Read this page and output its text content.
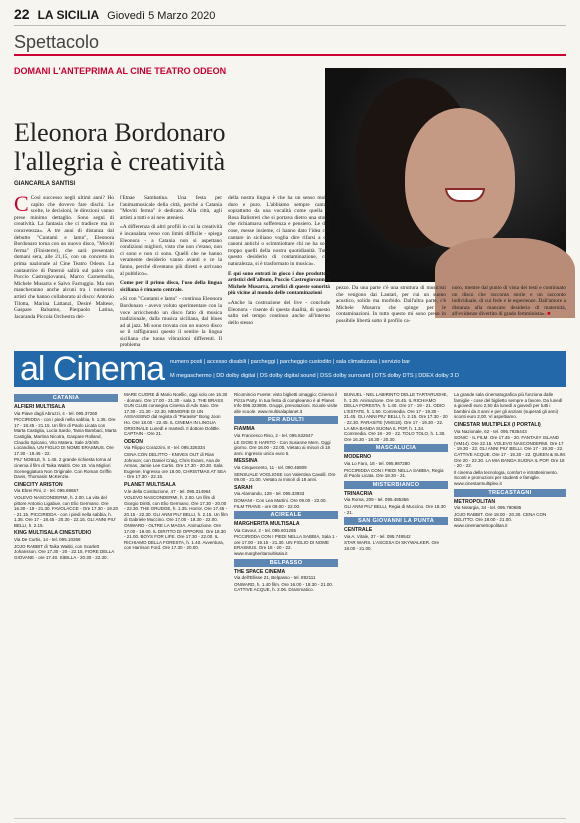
22 LA SICILIA Giovedì 5 Marzo 2020
Spettacolo
DOMANI L'ANTEPRIMA AL CINE TEATRO ODEON
Eleonora Bordonaro
l'allegria è creatività
GIANCARLA SANTISI

C Così successo negli ultimi anni? Ho capito che dovevo fare dischi. Le scelte, le decisioni, le direzioni vanno prese minimo dettaglio. Sono segni di creatività. La fantasia che ci tradisce ma in concretezza». A tre anni di distanza dal debutto "Cuntami e lamu", Eleonora Bordonaro torna con un nuovo disco, "Moviti ferma" (Finisterre), che sarà presentato domani sera, alle 21,15, con un concerto in prima nazionale al Cine Teatro Odeon. La cantautrice di Paternò salirà sul palco con Puccio Castrogiovanni, Marco Carnemolla, Michele Musarra e Salvo Farruggio. Ma non mancheranno anche alcuni tra i numerosi artisti che hanno collaborato al disco: Antonio Tilotta, Marina Lattanzi, Desiré Maltese, Gaspare Balsamo, Pierpaolo Latina, Jacaranda Piccola Orchestra del-

l'Etnae Sambatina. Una festa per l'animamusicale della città, perché a Catania "Moviti ferma" è dedicato. Alla città, agli artisti a tutti e ai new ateniesi.

«A differenza di altri profili in cui la creatività è incanalata verso con limiti difficile - spiega Eleonora - a Catania non si aspettano condizioni migliori, visto che non c'erano, non ci sono e non ci sono. Quelli che ne hanno veramente desiderio vanno avanti e ce la fanno, perché diventano più diretti e arrivano al pubblico».

Come per il primo disco, l'uso della lingua siciliana è rimasto centrale.

«Si con "Cuntami e lamu" - continua Eleonora Bordonaro - avevo voluto sperimentare con la voce arricchendo un disco fatto di musica tradizionale, dalla musica siciliana, dal blues ad al jazz. Mi sono trovata con un nuovo disco se il raffigurassi questo il sentire la lingua siciliana che tuona vibrazioni differenti. Il problema

della nostra lingua è che ha un senso molto duro e puro. L'abbiamo sempre cantata soprattutto da una vocalità come quella di Rosa Balistreri che si portava dietro una storia che richiamava sofferenza e pensiero. Le due cose, messe insieme, ci hanno dato l'idea che cantare in siciliano voglia dire rifarsi a dei canoni antichi o scimmiottare chi ne ha sono troppo quelli della nostra quotidianità. Tutto questo desiderio di contaminazione, con naturalezza, si è trasformato in musica».

E qui sono entrati in gioco i due produttori artistici dell'album, Puccio Castrogiovanni e Michele Musarra, artefici di queste sonorità più vicine al mondo delle contaminazioni

«Anche la costruzione del live - conclude Eleonora - risente di questa dualità, di questo salto nel tempo continuo anche all'interno dello stesso

pezzo. Da una parte c'è una struttura di musicisti che vengono dai Lautari, per cui un suono acustico, solido ma morbido. Dall'altra parte, c'è Michele Musarra che spinge per le contaminazioni. In tutto questo mi sono preso in possibile libertà sotto il profilo ca-

noro, mentre dal punto di vista dei testi e continuato un disco che racconta storie e un racconto individuale, di cui fede e le esperienze. Dall'amore a distanza alla mancato desiderio di maternità, all'evidenze divertito di grado femminista». ■

al Cinema numero posti | accesso disabili | parcheggi | parcheggio custodito | sala climatizzata | servizio bar
M megaschermo | DD dolby digital | DS dolby digital sound | DSS dolby surround | DTS dolby DTS | DDEX dolby 3 D
CATANIA
ALFIERI MULTISALA

Via Piave dagli Abruzzi, 4 - tel. 095.37260

PICCIRIDDA - con i piedi nella sabbia, h. 1.35. Ore 17 - 18.45 - 21.15. Un film di Paolo Licata con Marta Castiglia, Lucia Sardo, Tania Bambaci, Marta Castiglia, Martina Nicotra, Gaspare Rolland, Claudio Spicano, Vito Matera. Sale 2/3/4/5 Locandina, UN FIGLIO DI NOME ERASMUS. Ore 17.30 - 19.45 - 22.

PIU' NOBILE, h. 1.45. 2 grande richiesta torna al cinema il film di Taika Waititi. Ore 18. Via Migliori Sceneggiatura Non Originale. Con Roman Griffin Davis, Thomasin McKenzie.

CINECITY ARISTON

Via Ebrei Pini, 2 - tel. 095.69657

VOLEVO NASCONDERMI, h. 2.00. La vita del pittore Antonio Ligabue, con Elio Germano. Ore 16.30 - 19 - 21.30. FAVOLACCE - Ore 17.30 - 19.20 - 21.15. PICCIRIDDA - con i piedi nella sabbia, h. 1.35. Ore 17 - 18.45 - 20.30 - 22.15. GLI ANNI PIU' BELLI, h. 2.15.

KING MULTISALA CINESTUDIO

Via De Curtis, 14 - tel. 095.10268

JOJO RABBIT di Taika Waititi, con Scarlett Johansson. Ore 17.30 - 20 - 22.15. FIORE DELLA GIOVANE - ore 17.40. SIBILLA - 20.30 - 22.30.

MARE CUORE di Mario Noellic, oggi solo ore 16.30 - domani. Ore 17.00 - 21.30 - sala 2. THE BRASS GUN CLUB consegna Cinema di Adv Saio. Ore 17.30 - 21.30 - 22.30. MEMORIE DI UN ASSASSINO dal regista di "Parasite" Bong Joon Ho. Ore 18.00 - 22.45. IL CINEMA IN LINGUA ORIGINALE Lunedì e martedì. Il dottore Dolittle. CAPTAIN - Ore 21.

ODEON

Via Filippo Corazzini, 8 - tel. 095.326334

CENA CON DELITTO - KNIVES OUT di Rian Johnson; con Daniel Craig, Chris Evans, Ana de Armas, Jamie Lee Curtis. Ore 17.30 - 20.30. Sala Eugenie, Ingresso ore 18.00, CHRISTMAS AT SEA - Ore 17.30 - 22.15.

PLANET MULTISALA

V.le della Costituzione, 47 - tel. 095.314964

VOLEVO NASCONDERMI, h. 2.00. Un film di Giorgio Diritti, con Elio Germano. Ore 17.30 - 20.00 - 22.30. THE GRUDGE, h. 1.35. Horror. Ore 17.45 - 20.15 - 22.30. GLI ANNI PIU' BELLI, h. 2.15. Un film di Gabriele Muccino. Ore 17.00 - 19.30 - 22.00. ONWARD - OLTRE LA MAGIA. Animazione. Ore 17.00 - 19.00. IL DIRITTO DI OPPORSI. Ore 18.30 - 21.00. BOYS FOR LIFE. Ore 17.30 - 22.00. IL RICHIAMO DELLA FORESTA, h. 1.40. Avventura, con Harrison Ford. Ore 17.30 - 20.00.

Ricomincio Fuerte: visto biglietti omaggio; Cinema il Pizza Party. In tua festa di compleanno è al Planet. Info 095.323806. Gruppi, prenotazioni. Scuole visite alle scuole. www.multisalaplanet.it

PER ADULTI
FIAMMA

Via Francesco Riso, 2 - tel. 095.532647

LE GIOIE E HARITO - Con Susanne Mern. Oggi giorno. Ore 16.00 - 22.00. Vietato ai minori di 18 anni. Ingresso unico euro 5.

MESSINA

Via Cinquecento, 11 - tel. 090.46809

SENSUALE VOGLIOSE con Valentina Cavalli. Ore 09.00 - 21.00. Vietato ai minori di 18 anni.

SARAH

Via Alamandu, 128 - tel. 095.33933

DOMANI - Con Lea Martini. Ore 09.00 - 22.00. FILM TRANS - ore 09.00 - 22.00.

ACIREALE
MARGHERITA MULTISALA

Via Cavour, 2 - tel. 095.601265

PICCIRIDDA CON I PIEDI NELLA SABBIA, Sala 1 - ore 17.00 - 19.15 - 21.30. UN FIGLIO DI NOME ERASMUS. Ore 18 - 20 - 22. www.margheritamultisala.it

BELPASSO
THE SPACE CINEMA

Via dell'Ellisse 21, Belpasso - tel. 892111

ONWARD, h. 1.40 film. Ore 16.00 - 18.30 - 21.00. CATTIVE ACQUE, h. 2.06. Drammatico.

BUNUEL - NEL LABIRINTO DELLE TARTARUGHE, h. 1.26. Animazione. Ore 16.45. IL RICHIAMO DELLA FORESTA, h. 1.40. Ore 17 - 19 - 21. ODIO L'ESTATE, h. 1.50. Commedia. Ore 17 - 19.30 - 21.45. GLI ANNI PIU' BELLI, h. 2.15. Ore 17.30 - 20 - 22.30. PARASITE (VMS18). Ore 17 - 19.30 - 22. LA MIA BANDA SUONA IL POP, h. 1.34. Commedia. Ore 18 - 20 - 22. TOLO TOLO, h. 1.30. Ore 16.30 - 18.30 - 20.30.

MASCALUCIA
MODERNO

Via Lo Faro, 18 - tel. 095.987280

PICCIRIDDA CON I PIEDI NELLA SABBIA, Regia di Paolo Licata. Ore 18.30 - 21.

MISTERBIANCO
TRINACRIA

Via Roma, 209 - tel. 095.485366

GLI ANNI PIU' BELLI, Regia di Muccino. Ore 18.30 - 21.

SAN GIOVANNI LA PUNTA
CENTRALE

Via A. Vitale, 37 - tel. 095.749542

STAR WARS. L'ASCESA DI SKYWALKER. Ore 18.00 - 21.00.

La grande sala cinematografica più funziona dalle famiglie - cose del biglietto sempre a favore. Da lunedì a giovedì euro 2,50 da lunedì a giovedì per tutti i bambini da 3 anni e per gli anziani (superati gli anni) sconti euro 2,00. Vi aspettiamo.

CINESTAR MULTIPLEX (I PORTALI)

Via Nazionale, 62 - tel. 095.7935443

SONIC - IL FILM. Ore 17.45 - 20. FANTASY ISLAND (VM14). Ore 22.15. VOLEVO NASCONDERMI. Ore 17 - 19.30 - 22. GLI ANNI PIU' BELLI. Ore 17 - 19.30 - 22. CATTIVE ACQUE. Ore 17 - 19.30 - 22. QUEEN & SLIM. Ore 20 - 22.30. LA MIA BANDA SUONA IL POP. Ore 18 - 20 - 22.

Il cinema della tecnologia, comfort e intrattenimento. Sconti e promozioni per studenti e famiglie. www.cinestarmultiplex.it

TRECASTAGNI
METROPOLITAN

Via Notargia, 34 - tel. 095.780685

JOJO RABBIT. Ore 18.00 - 20.30. CENA CON DELITTO. Ore 18.00 - 21.00. www.cinemametropolitan.it
